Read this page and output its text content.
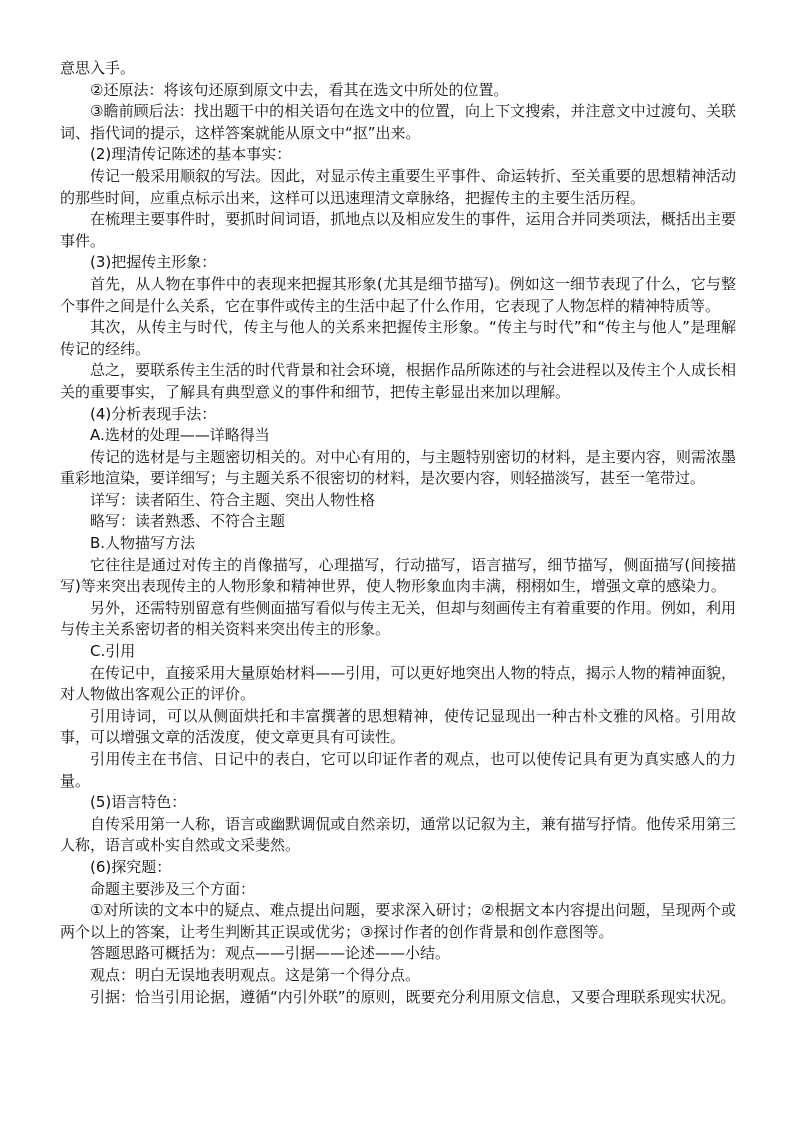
意思入手。

②还原法：将该句还原到原文中去，看其在选文中所处的位置。

③瞻前顾后法：找出题干中的相关语句在选文中的位置，向上下文搜索，并注意文中过渡句、关联词、指代词的提示，这样答案就能从原文中“抠”出来。

(2)理清传记陈述的基本事实：

传记一般采用顺叙的写法。因此，对显示传主重要生平事件、命运转折、至关重要的思想精神活动的那些时间，应重点标示出来，这样可以迅速理清文章脉络，把握传主的主要生活历程。

在梳理主要事件时，要抓时间词语，抓地点以及相应发生的事件，运用合并同类项法，概括出主要事件。

(3)把握传主形象：

首先，从人物在事件中的表现来把握其形象(尤其是细节描写)。例如这一细节表现了什么，它与整个事件之间是什么关系，它在事件或传主的生活中起了什么作用，它表现了人物怎样的精神特质等。

其次，从传主与时代，传主与他人的关系来把握传主形象。“传主与时代”和“传主与他人”是理解传记的经纬。

总之，要联系传主生活的时代背景和社会环境，根据作品所陈述的与社会进程以及传主个人成长相关的重要事实，了解具有典型意义的事件和细节，把传主彰显出来加以理解。

(4)分析表现手法：

A.选材的处理——详略得当

传记的选材是与主题密切相关的。对中心有用的，与主题特别密切的材料，是主要内容，则需浓墨重彩地渲染，要详细写；与主题关系不很密切的材料，是次要内容，则轻描淡写，甚至一笔带过。

详写：读者陌生、符合主题、突出人物性格

略写：读者熟悉、不符合主题

B.人物描写方法

它往往是通过对传主的肖像描写，心理描写，行动描写，语言描写，细节描写，侧面描写(间接描写)等来突出表现传主的人物形象和精神世界，使人物形象血肉丰满，栩栩如生，增强文章的感染力。

另外，还需特别留意有些侧面描写看似与传主无关，但却与刻画传主有着重要的作用。例如，利用与传主关系密切者的相关资料来突出传主的形象。

C.引用

在传记中，直接采用大量原始材料——引用，可以更好地突出人物的特点，揭示人物的精神面貌，对人物做出客观公正的评价。

引用诗词，可以从侧面烘托和丰富撰著的思想精神，使传记显现出一种古朴文雅的风格。引用故事，可以增强文章的活泼度，使文章更具有可读性。

引用传主在书信、日记中的表白，它可以印证作者的观点，也可以使传记具有更为真实感人的力量。

(5)语言特色：

自传采用第一人称，语言或幽默调侃或自然亲切，通常以记叙为主，兼有描写抒情。他传采用第三人称，语言或朴实自然或文采斐然。

(6)探究题：

命题主要涉及三个方面：

①对所读的文本中的疑点、难点提出问题，要求深入研讨；②根据文本内容提出问题，呈现两个或两个以上的答案，让考生判断其正误或优劣；③探讨作者的创作背景和创作意图等。

答题思路可概括为：观点——引据——论述——小结。

观点：明白无误地表明观点。这是第一个得分点。

引据：恰当引用论据，遵循“内引外联”的原则，既要充分利用原文信息，又要合理联系现实状况。
